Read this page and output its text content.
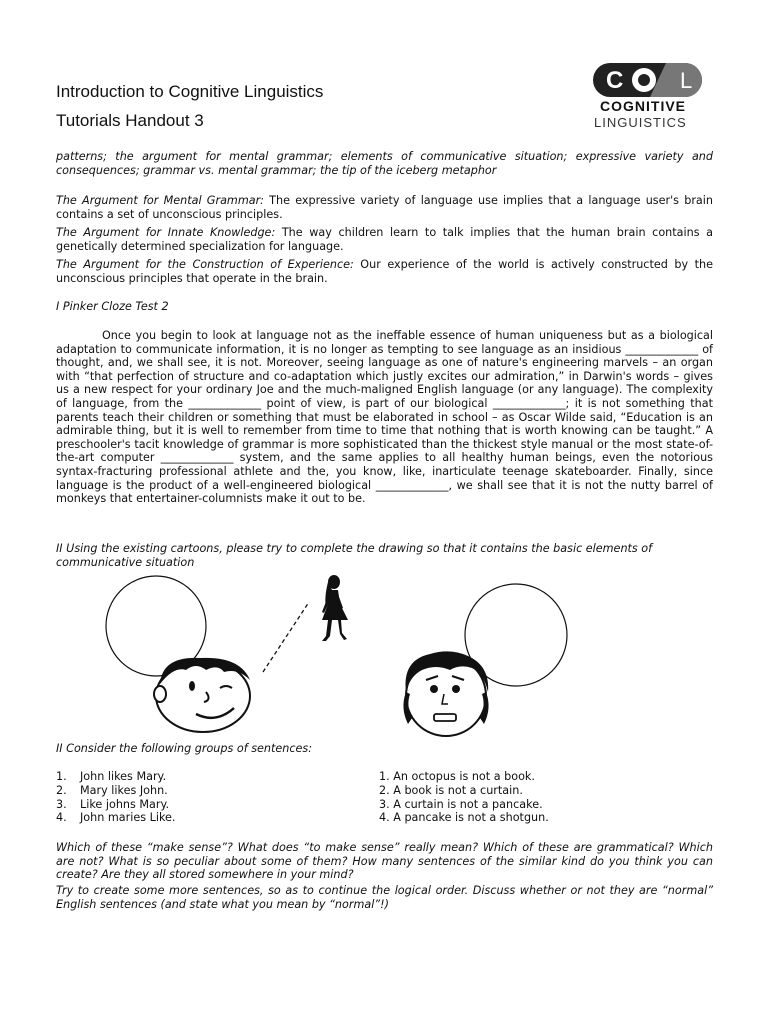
Introduction to Cognitive Linguistics
Tutorials Handout 3
C	L
COGNITIVE
LINGUISTICS
patterns; the argument for mental grammar; elements of communicative situation; expressive variety and consequences; grammar vs. mental grammar; the tip of the iceberg metaphor
The Argument for Mental Grammar: The expressive variety of language use implies that a language user's brain contains a set of unconscious principles.
The Argument for Innate Knowledge: The way children learn to talk implies that the human brain contains a genetically determined specialization for language.
The Argument for the Construction of Experience: Our experience of the world is actively constructed by the unconscious principles that operate in the brain.
I Pinker Cloze Test 2
Once you begin to look at language not as the ineffable essence of human uniqueness but as a biological adaptation to communicate information, it is no longer as tempting to see language as an insidious _____________ of thought, and, we shall see, it is not. Moreover, seeing language as one of nature's engineering marvels – an organ with “that perfection of structure and co-adaptation which justly excites our admiration,” in Darwin's words – gives us a new respect for your ordinary Joe and the much-maligned English language (or any language). The complexity of language, from the _____________ point of view, is part of our biological _____________; it is not something that parents teach their children or something that must be elaborated in school – as Oscar Wilde said, “Education is an admirable thing, but it is well to remember from time to time that nothing that is worth knowing can be taught.” A preschooler's tacit knowledge of grammar is more sophisticated than the thickest style manual or the most state-of-the-art computer _____________ system, and the same applies to all healthy human beings, even the notorious syntax-fracturing professional athlete and the, you know, like, inarticulate teenage skateboarder. Finally, since language is the product of a well-engineered biological _____________, we shall see that it is not the nutty barrel of monkeys that entertainer-columnists make it out to be.
II Using the existing cartoons, please try to complete the drawing so that it contains the basic elements of communicative situation
II Consider the following groups of sentences:
1. John likes Mary.
2. Mary likes John.
3. Like johns Mary.
4. John maries Like.
1. An octopus is not a book.
2. A book is not a curtain.
3. A curtain is not a pancake.
4. A pancake is not a shotgun.
Which of these “make sense”? What does “to make sense” really mean? Which of these are grammatical? Which are not? What is so peculiar about some of them? How many sentences of the similar kind do you think you can create? Are they all stored somewhere in your mind?
Try to create some more sentences, so as to continue the logical order. Discuss whether or not they are “normal” English sentences (and state what you mean by “normal”!)
